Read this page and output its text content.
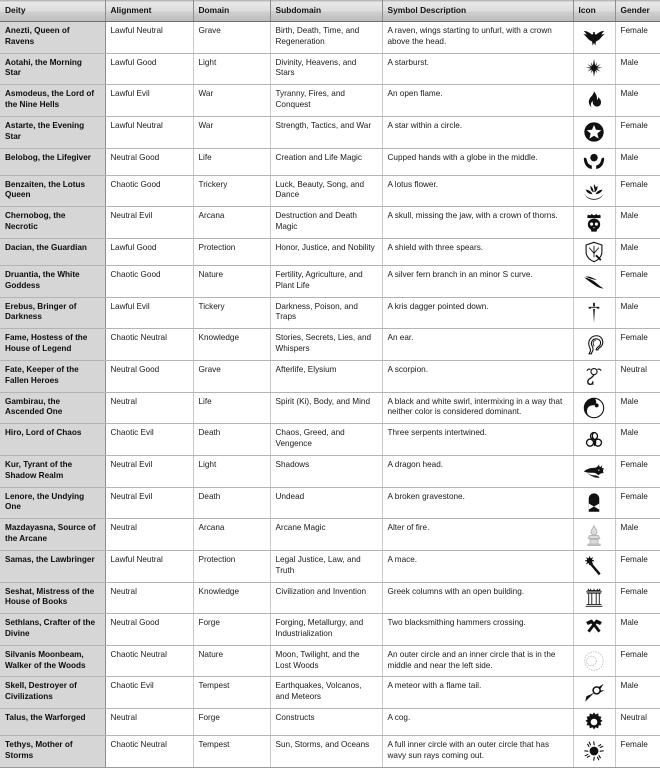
Deity	Alignment	Domain	Subdomain	Symbol Description	Icon	Gender
Anezti, Queen of Ravens	Lawful Neutral	Grave	Birth, Death, Time, and Regeneration	A raven, wings starting to unfurl, with a crown above the head.		Female
Aotahi, the Morning Star	Lawful Good	Light	Divinity, Heavens, and Stars	A starburst.		Male
Asmodeus, the Lord of the Nine Hells	Lawful Evil	War	Tyranny, Fires, and Conquest	An open flame.		Male
Astarte, the Evening Star	Lawful Neutral	War	Strength, Tactics, and War	A star within a circle.		Female
Belobog, the Lifegiver	Neutral Good	Life	Creation and Life Magic	Cupped hands with a globe in the middle.		Male
Benzaiten, the Lotus Queen	Chaotic Good	Trickery	Luck, Beauty, Song, and Dance	A lotus flower.		Female
Chernobog, the Necrotic	Neutral Evil	Arcana	Destruction and Death Magic	A skull, missing the jaw, with a crown of thorns.		Male
Dacian, the Guardian	Lawful Good	Protection	Honor, Justice, and Nobility	A shield with three spears.		Male
Druantia, the White Goddess	Chaotic Good	Nature	Fertility, Agriculture, and Plant Life	A silver fern branch in an minor S curve.		Female
Erebus, Bringer of Darkness	Lawful Evil	Tickery	Darkness, Poison, and Traps	A kris dagger pointed down.		Male
Fame, Hostess of the House of Legend	Chaotic Neutral	Knowledge	Stories, Secrets, Lies, and Whispers	An ear.		Female
Fate, Keeper of the Fallen Heroes	Neutral Good	Grave	Afterlife, Elysium	A scorpion.		Neutral
Gambirau, the Ascended One	Neutral	Life	Spirit (Ki), Body, and Mind	A black and white swirl, intermixing in a way that neither color is considered dominant.		Male
Hiro, Lord of Chaos	Chaotic Evil	Death	Chaos, Greed, and Vengence	Three serpents intertwined.		Male
Kur, Tyrant of the Shadow Realm	Neutral Evil	Light	Shadows	A dragon head.		Female
Lenore, the Undying One	Neutral Evil	Death	Undead	A broken gravestone.		Female
Mazdayasna, Source of the Arcane	Neutral	Arcana	Arcane Magic	Alter of fire.		Male
Samas, the Lawbringer	Lawful Neutral	Protection	Legal Justice, Law, and Truth	A mace.		Female
Seshat, Mistress of the House of Books	Neutral	Knowledge	Civilization and Invention	Greek columns with an open building.		Female
Sethlans, Crafter of the Divine	Neutral Good	Forge	Forging, Metallurgy, and Industrialization	Two blacksmithing hammers crossing.		Male
Silvanis Moonbeam, Walker of the Woods	Chaotic Neutral	Nature	Moon, Twilight, and the Lost Woods	An outer circle and an inner circle that is in the middle and near the left side.		Female
Skell, Destroyer of Civilizations	Chaotic Evil	Tempest	Earthquakes, Volcanos, and Meteors	A meteor with a flame tail.		Male
Talus, the Warforged	Neutral	Forge	Constructs	A cog.		Neutral
Tethys, Mother of Storms	Chaotic Neutral	Tempest	Sun, Storms, and Oceans	A full inner circle with an outer circle that has wavy sun rays coming out.		Female
